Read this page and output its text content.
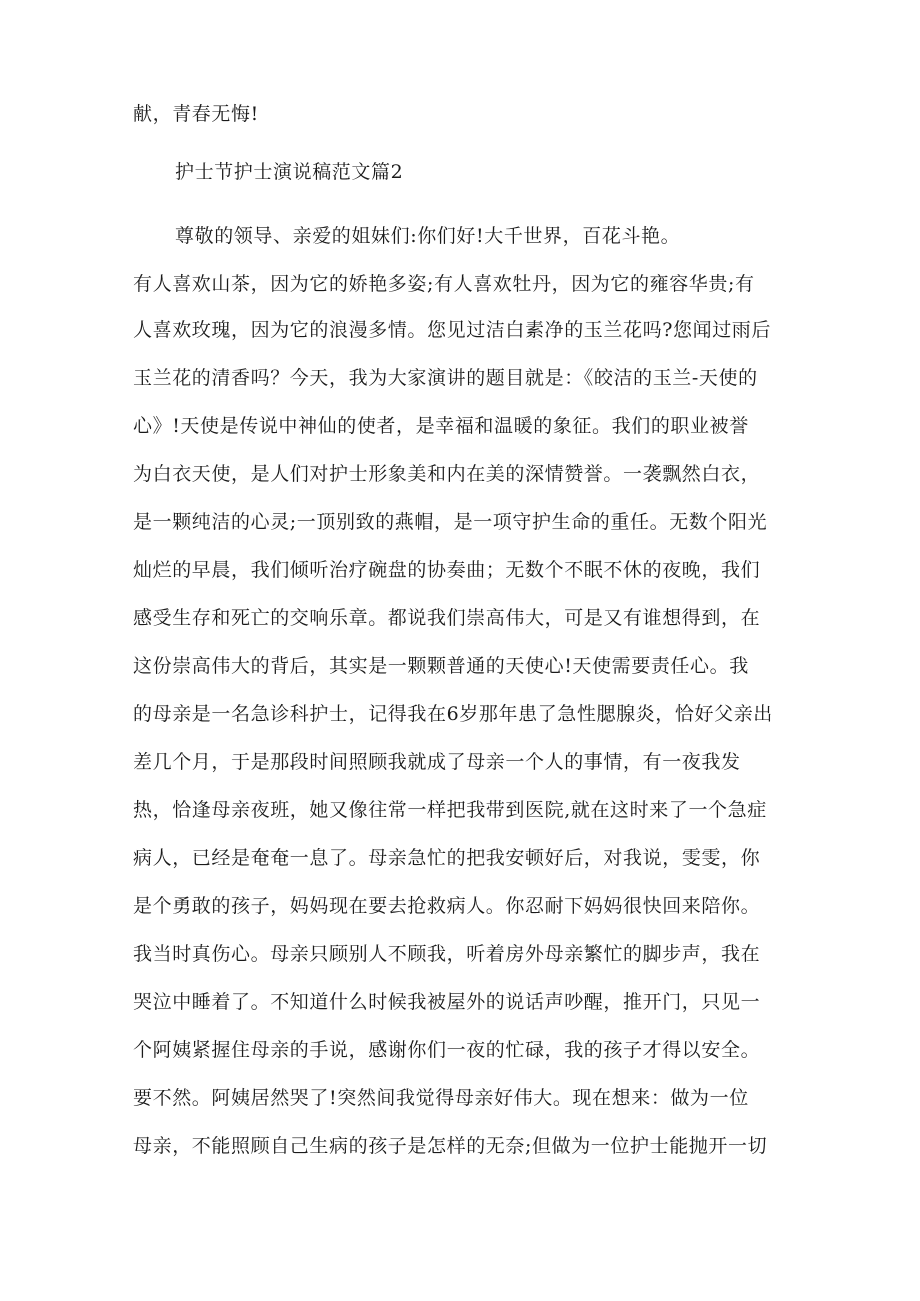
献，青春无悔!
护士节护士演说稿范文篇2
尊敬的领导、亲爱的姐妹们:你们好!大千世界，百花斗艳。
有人喜欢山茶，因为它的娇艳多姿;有人喜欢牡丹，因为它的雍容华贵;有
人喜欢玫瑰，因为它的浪漫多情。您见过洁白素净的玉兰花吗?您闻过雨后
玉兰花的清香吗？今天，我为大家演讲的题目就是：《皎洁的玉兰-天使的
心》!天使是传说中神仙的使者，是幸福和温暖的象征。我们的职业被誉
为白衣天使，是人们对护士形象美和内在美的深情赞誉。一袭飘然白衣，
是一颗纯洁的心灵;一顶别致的燕帽，是一项守护生命的重任。无数个阳光
灿烂的早晨，我们倾听治疗碗盘的协奏曲；无数个不眠不休的夜晚，我们
感受生存和死亡的交响乐章。都说我们崇高伟大，可是又有谁想得到，在
这份崇高伟大的背后，其实是一颗颗普通的天使心!天使需要责任心。我
的母亲是一名急诊科护士，记得我在6岁那年患了急性腮腺炎，恰好父亲出
差几个月，于是那段时间照顾我就成了母亲一个人的事情，有一夜我发
热，恰逢母亲夜班，她又像往常一样把我带到医院,就在这时来了一个急症
病人，已经是奄奄一息了。母亲急忙的把我安顿好后，对我说，雯雯，你
是个勇敢的孩子，妈妈现在要去抢救病人。你忍耐下妈妈很快回来陪你。
我当时真伤心。母亲只顾别人不顾我，听着房外母亲繁忙的脚步声，我在
哭泣中睡着了。不知道什么时候我被屋外的说话声吵醒，推开门，只见一
个阿姨紧握住母亲的手说，感谢你们一夜的忙碌，我的孩子才得以安全。
要不然。阿姨居然哭了!突然间我觉得母亲好伟大。现在想来：做为一位
母亲，不能照顾自己生病的孩子是怎样的无奈;但做为一位护士能抛开一切
